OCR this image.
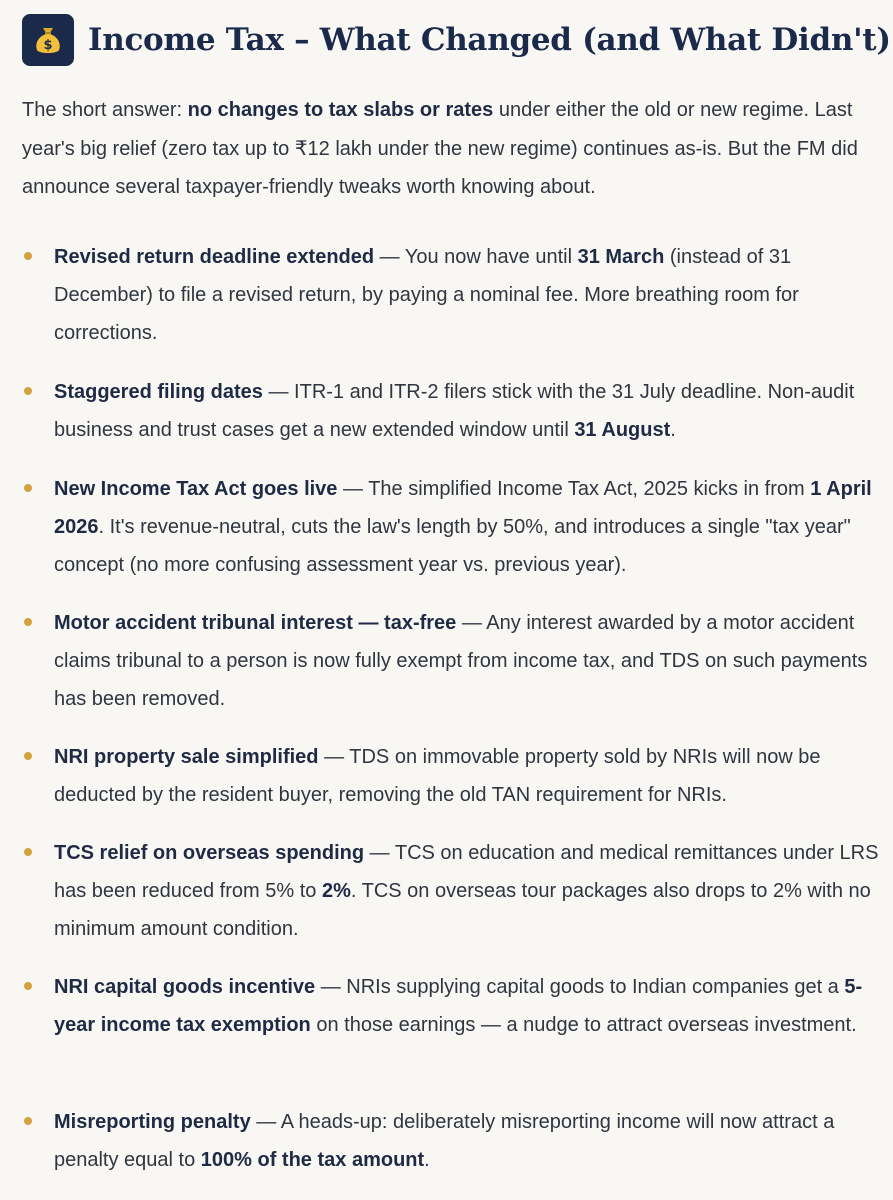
$ Income Tax – What Changed (and What Didn't)

The short answer: no changes to tax slabs or rates under either the old or new regime. Last year's big relief (zero tax up to ₹12 lakh under the new regime) continues as-is. But the FM did announce several taxpayer-friendly tweaks worth knowing about.

Revised return deadline extended — You now have until 31 March (instead of 31 December) to file a revised return, by paying a nominal fee. More breathing room for corrections.
Staggered filing dates — ITR-1 and ITR-2 filers stick with the 31 July deadline. Non-audit business and trust cases get a new extended window until 31 August.
New Income Tax Act goes live — The simplified Income Tax Act, 2025 kicks in from 1 April 2026. It's revenue-neutral, cuts the law's length by 50%, and introduces a single "tax year" concept (no more confusing assessment year vs. previous year).
Motor accident tribunal interest — tax-free — Any interest awarded by a motor accident claims tribunal to a person is now fully exempt from income tax, and TDS on such payments has been removed.
NRI property sale simplified — TDS on immovable property sold by NRIs will now be deducted by the resident buyer, removing the old TAN requirement for NRIs.
TCS relief on overseas spending — TCS on education and medical remittances under LRS has been reduced from 5% to 2%. TCS on overseas tour packages also drops to 2% with no minimum amount condition.
NRI capital goods incentive — NRIs supplying capital goods to Indian companies get a 5-year income tax exemption on those earnings — a nudge to attract overseas investment.
Misreporting penalty — A heads-up: deliberately misreporting income will now attract a penalty equal to 100% of the tax amount.
